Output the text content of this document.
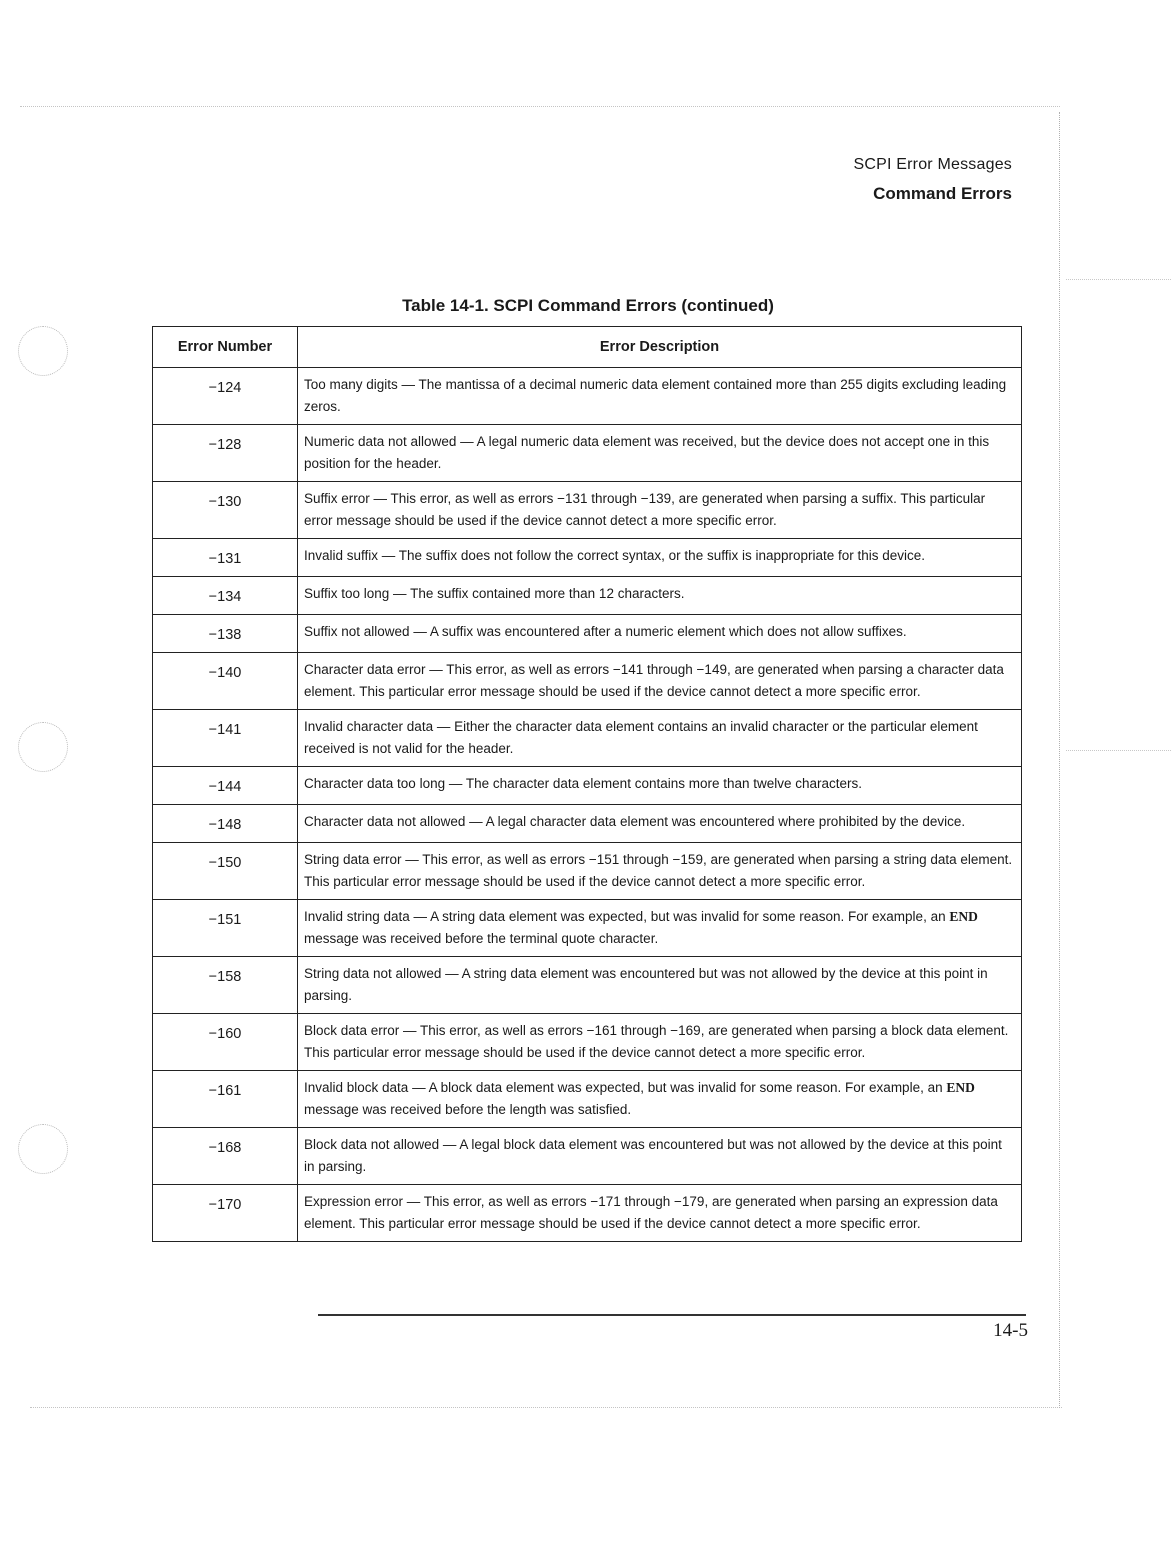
SCPI Error Messages
Command Errors
Table 14-1. SCPI Command Errors (continued)
Error Number	Error Description
−124	Too many digits — The mantissa of a decimal numeric data element contained more than 255 digits excluding leading zeros.
−128	Numeric data not allowed — A legal numeric data element was received, but the device does not accept one in this position for the header.
−130	Suffix error — This error, as well as errors −131 through −139, are generated when parsing a suffix. This particular error message should be used if the device cannot detect a more specific error.
−131	Invalid suffix — The suffix does not follow the correct syntax, or the suffix is inappropriate for this device.
−134	Suffix too long — The suffix contained more than 12 characters.
−138	Suffix not allowed — A suffix was encountered after a numeric element which does not allow suffixes.
−140	Character data error — This error, as well as errors −141 through −149, are generated when parsing a character data element. This particular error message should be used if the device cannot detect a more specific error.
−141	Invalid character data — Either the character data element contains an invalid character or the particular element received is not valid for the header.
−144	Character data too long — The character data element contains more than twelve characters.
−148	Character data not allowed — A legal character data element was encountered where prohibited by the device.
−150	String data error — This error, as well as errors −151 through −159, are generated when parsing a string data element. This particular error message should be used if the device cannot detect a more specific error.
−151	Invalid string data — A string data element was expected, but was invalid for some reason. For example, an END message was received before the terminal quote character.
−158	String data not allowed — A string data element was encountered but was not allowed by the device at this point in parsing.
−160	Block data error — This error, as well as errors −161 through −169, are generated when parsing a block data element. This particular error message should be used if the device cannot detect a more specific error.
−161	Invalid block data — A block data element was expected, but was invalid for some reason. For example, an END message was received before the length was satisfied.
−168	Block data not allowed — A legal block data element was encountered but was not allowed by the device at this point in parsing.
−170	Expression error — This error, as well as errors −171 through −179, are generated when parsing an expression data element. This particular error message should be used if the device cannot detect a more specific error.
14-5
